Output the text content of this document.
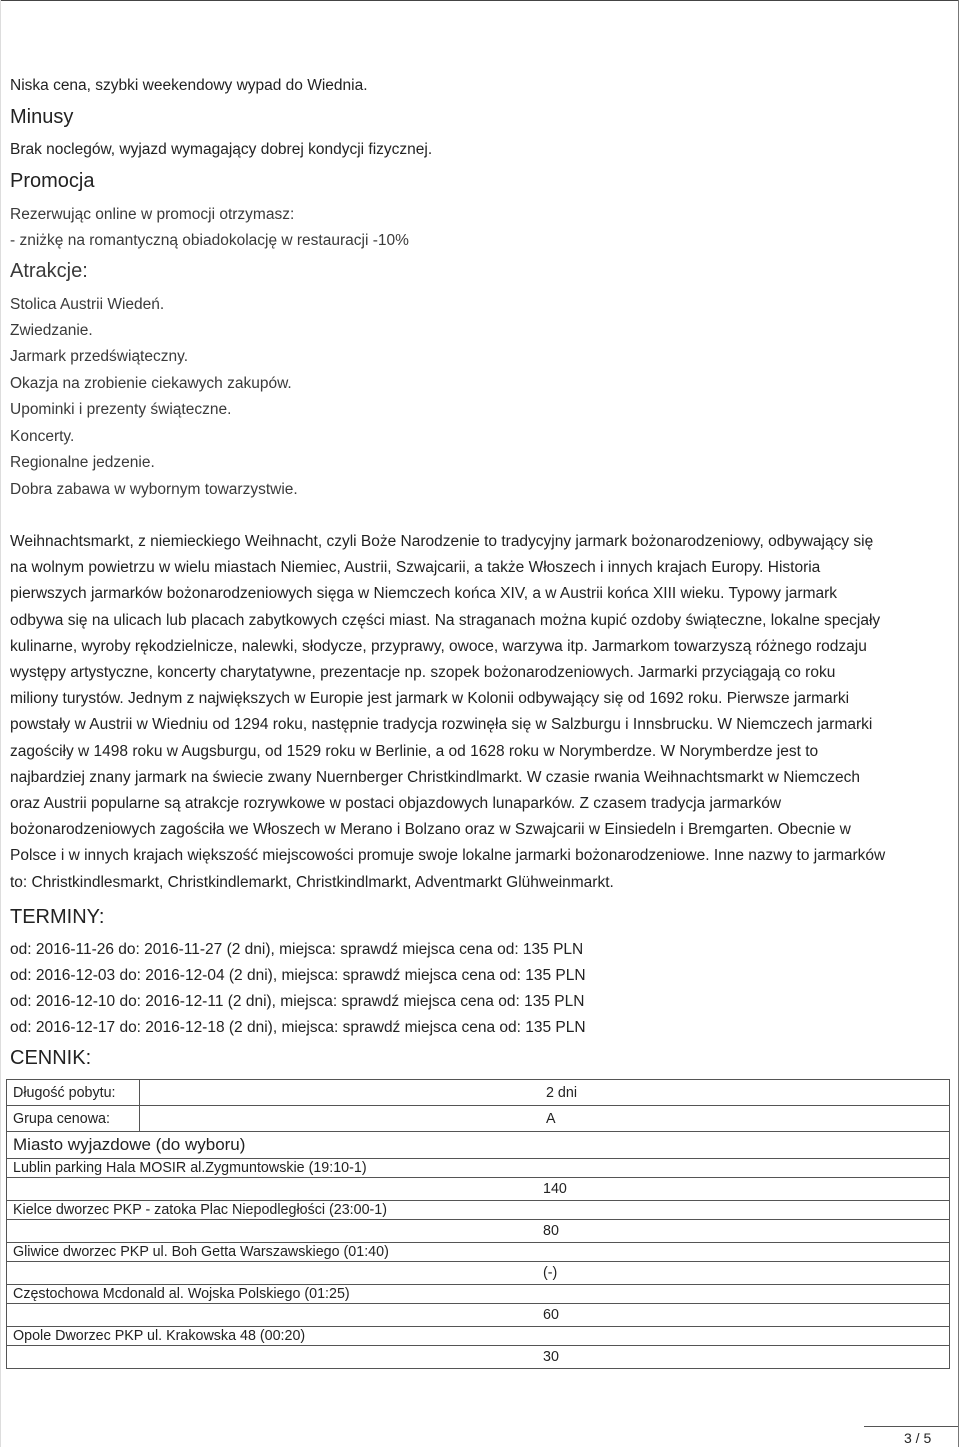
Niska cena, szybki weekendowy wypad do Wiednia.
Minusy
Brak noclegów, wyjazd wymagający dobrej kondycji fizycznej.
Promocja
Rezerwując online w promocji otrzymasz:
- zniżkę na romantyczną obiadokolację w restauracji -10%
Atrakcje:
Stolica Austrii Wiedeń.
Zwiedzanie.
Jarmark przedświąteczny.
Okazja na zrobienie ciekawych zakupów.
Upominki i prezenty świąteczne.
Koncerty.
Regionalne jedzenie.
Dobra zabawa w wybornym towarzystwie.
Weihnachtsmarkt, z niemieckiego Weihnacht, czyli Boże Narodzenie to tradycyjny jarmark bożonarodzeniowy, odbywający się
na wolnym powietrzu w wielu miastach Niemiec, Austrii, Szwajcarii, a także Włoszech i innych krajach Europy. Historia
pierwszych jarmarków bożonarodzeniowych sięga w Niemczech końca XIV, a w Austrii końca XIII wieku. Typowy jarmark
odbywa się na ulicach lub placach zabytkowych części miast. Na straganach można kupić ozdoby świąteczne, lokalne specjały
kulinarne, wyroby rękodzielnicze, nalewki, słodycze, przyprawy, owoce, warzywa itp. Jarmarkom towarzyszą różnego rodzaju
występy artystyczne, koncerty charytatywne, prezentacje np. szopek bożonarodzeniowych. Jarmarki przyciągają co roku
miliony turystów. Jednym z największych w Europie jest jarmark w Kolonii odbywający się od 1692 roku. Pierwsze jarmarki
powstały w Austrii w Wiedniu od 1294 roku, następnie tradycja rozwinęła się w Salzburgu i Innsbrucku. W Niemczech jarmarki
zagościły w 1498 roku w Augsburgu, od 1529 roku w Berlinie, a od 1628 roku w Norymberdze. W Norymberdze jest to
najbardziej znany jarmark na świecie zwany Nuernberger Christkindlmarkt. W czasie rwania Weihnachtsmarkt w Niemczech
oraz Austrii popularne są atrakcje rozrywkowe w postaci objazdowych lunaparków. Z czasem tradycja jarmarków
bożonarodzeniowych zagościła we Włoszech w Merano i Bolzano oraz w Szwajcarii w Einsiedeln i Bremgarten. Obecnie w
Polsce i w innych krajach większość miejscowości promuje swoje lokalne jarmarki bożonarodzeniowe. Inne nazwy to jarmarków
to: Christkindlesmarkt, Christkindlemarkt, Christkindlmarkt, Adventmarkt Glühweinmarkt.
TERMINY:
od: 2016-11-26 do: 2016-11-27 (2 dni), miejsca: sprawdź miejsca cena od: 135 PLN
od: 2016-12-03 do: 2016-12-04 (2 dni), miejsca: sprawdź miejsca cena od: 135 PLN
od: 2016-12-10 do: 2016-12-11 (2 dni), miejsca: sprawdź miejsca cena od: 135 PLN
od: 2016-12-17 do: 2016-12-18 (2 dni), miejsca: sprawdź miejsca cena od: 135 PLN
CENNIK:
Długość pobytu:	2 dni
Grupa cenowa:	A
Miasto wyjazdowe (do wyboru)	
Lublin parking Hala MOSIR al.Zygmuntowskie (19:10-1)	
140	
Kielce dworzec PKP - zatoka Plac Niepodległości (23:00-1)	
80	
Gliwice dworzec PKP ul. Boh Getta Warszawskiego (01:40)	
(-)	
Częstochowa Mcdonald al. Wojska Polskiego (01:25)	
60	
Opole Dworzec PKP ul. Krakowska 48 (00:20)	
30	
3 / 5
